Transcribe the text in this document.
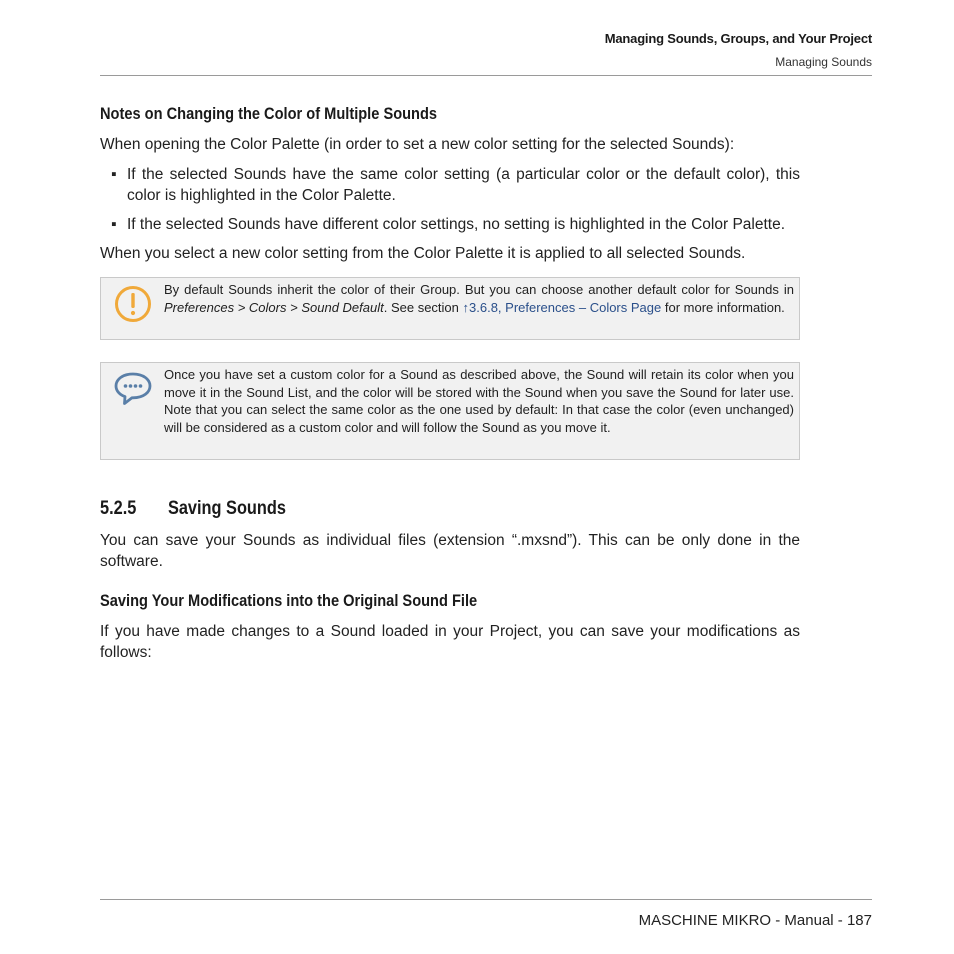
Managing Sounds, Groups, and Your Project
Managing Sounds
Notes on Changing the Color of Multiple Sounds

When opening the Color Palette (in order to set a new color setting for the selected Sounds):

▪ If the selected Sounds have the same color setting (a particular color or the default color), this color is highlighted in the Color Palette.
▪ If the selected Sounds have different color settings, no setting is highlighted in the Color Palette.

When you select a new color setting from the Color Palette it is applied to all selected Sounds.

By default Sounds inherit the color of their Group. But you can choose another default color for Sounds in Preferences > Colors > Sound Default. See section ↑3.6.8, Preferences – Colors Page for more information.
Once you have set a custom color for a Sound as described above, the Sound will retain its color when you move it in the Sound List, and the color will be stored with the Sound when you save the Sound for later use. Note that you can select the same color as the one used by default: In that case the color (even unchanged) will be considered as a custom color and will follow the Sound as you move it.
5.2.5 Saving Sounds

You can save your Sounds as individual files (extension “.mxsnd”). This can be only done in the software.

Saving Your Modifications into the Original Sound File

If you have made changes to a Sound loaded in your Project, you can save your modifications as follows:

MASCHINE MIKRO - Manual - 187
